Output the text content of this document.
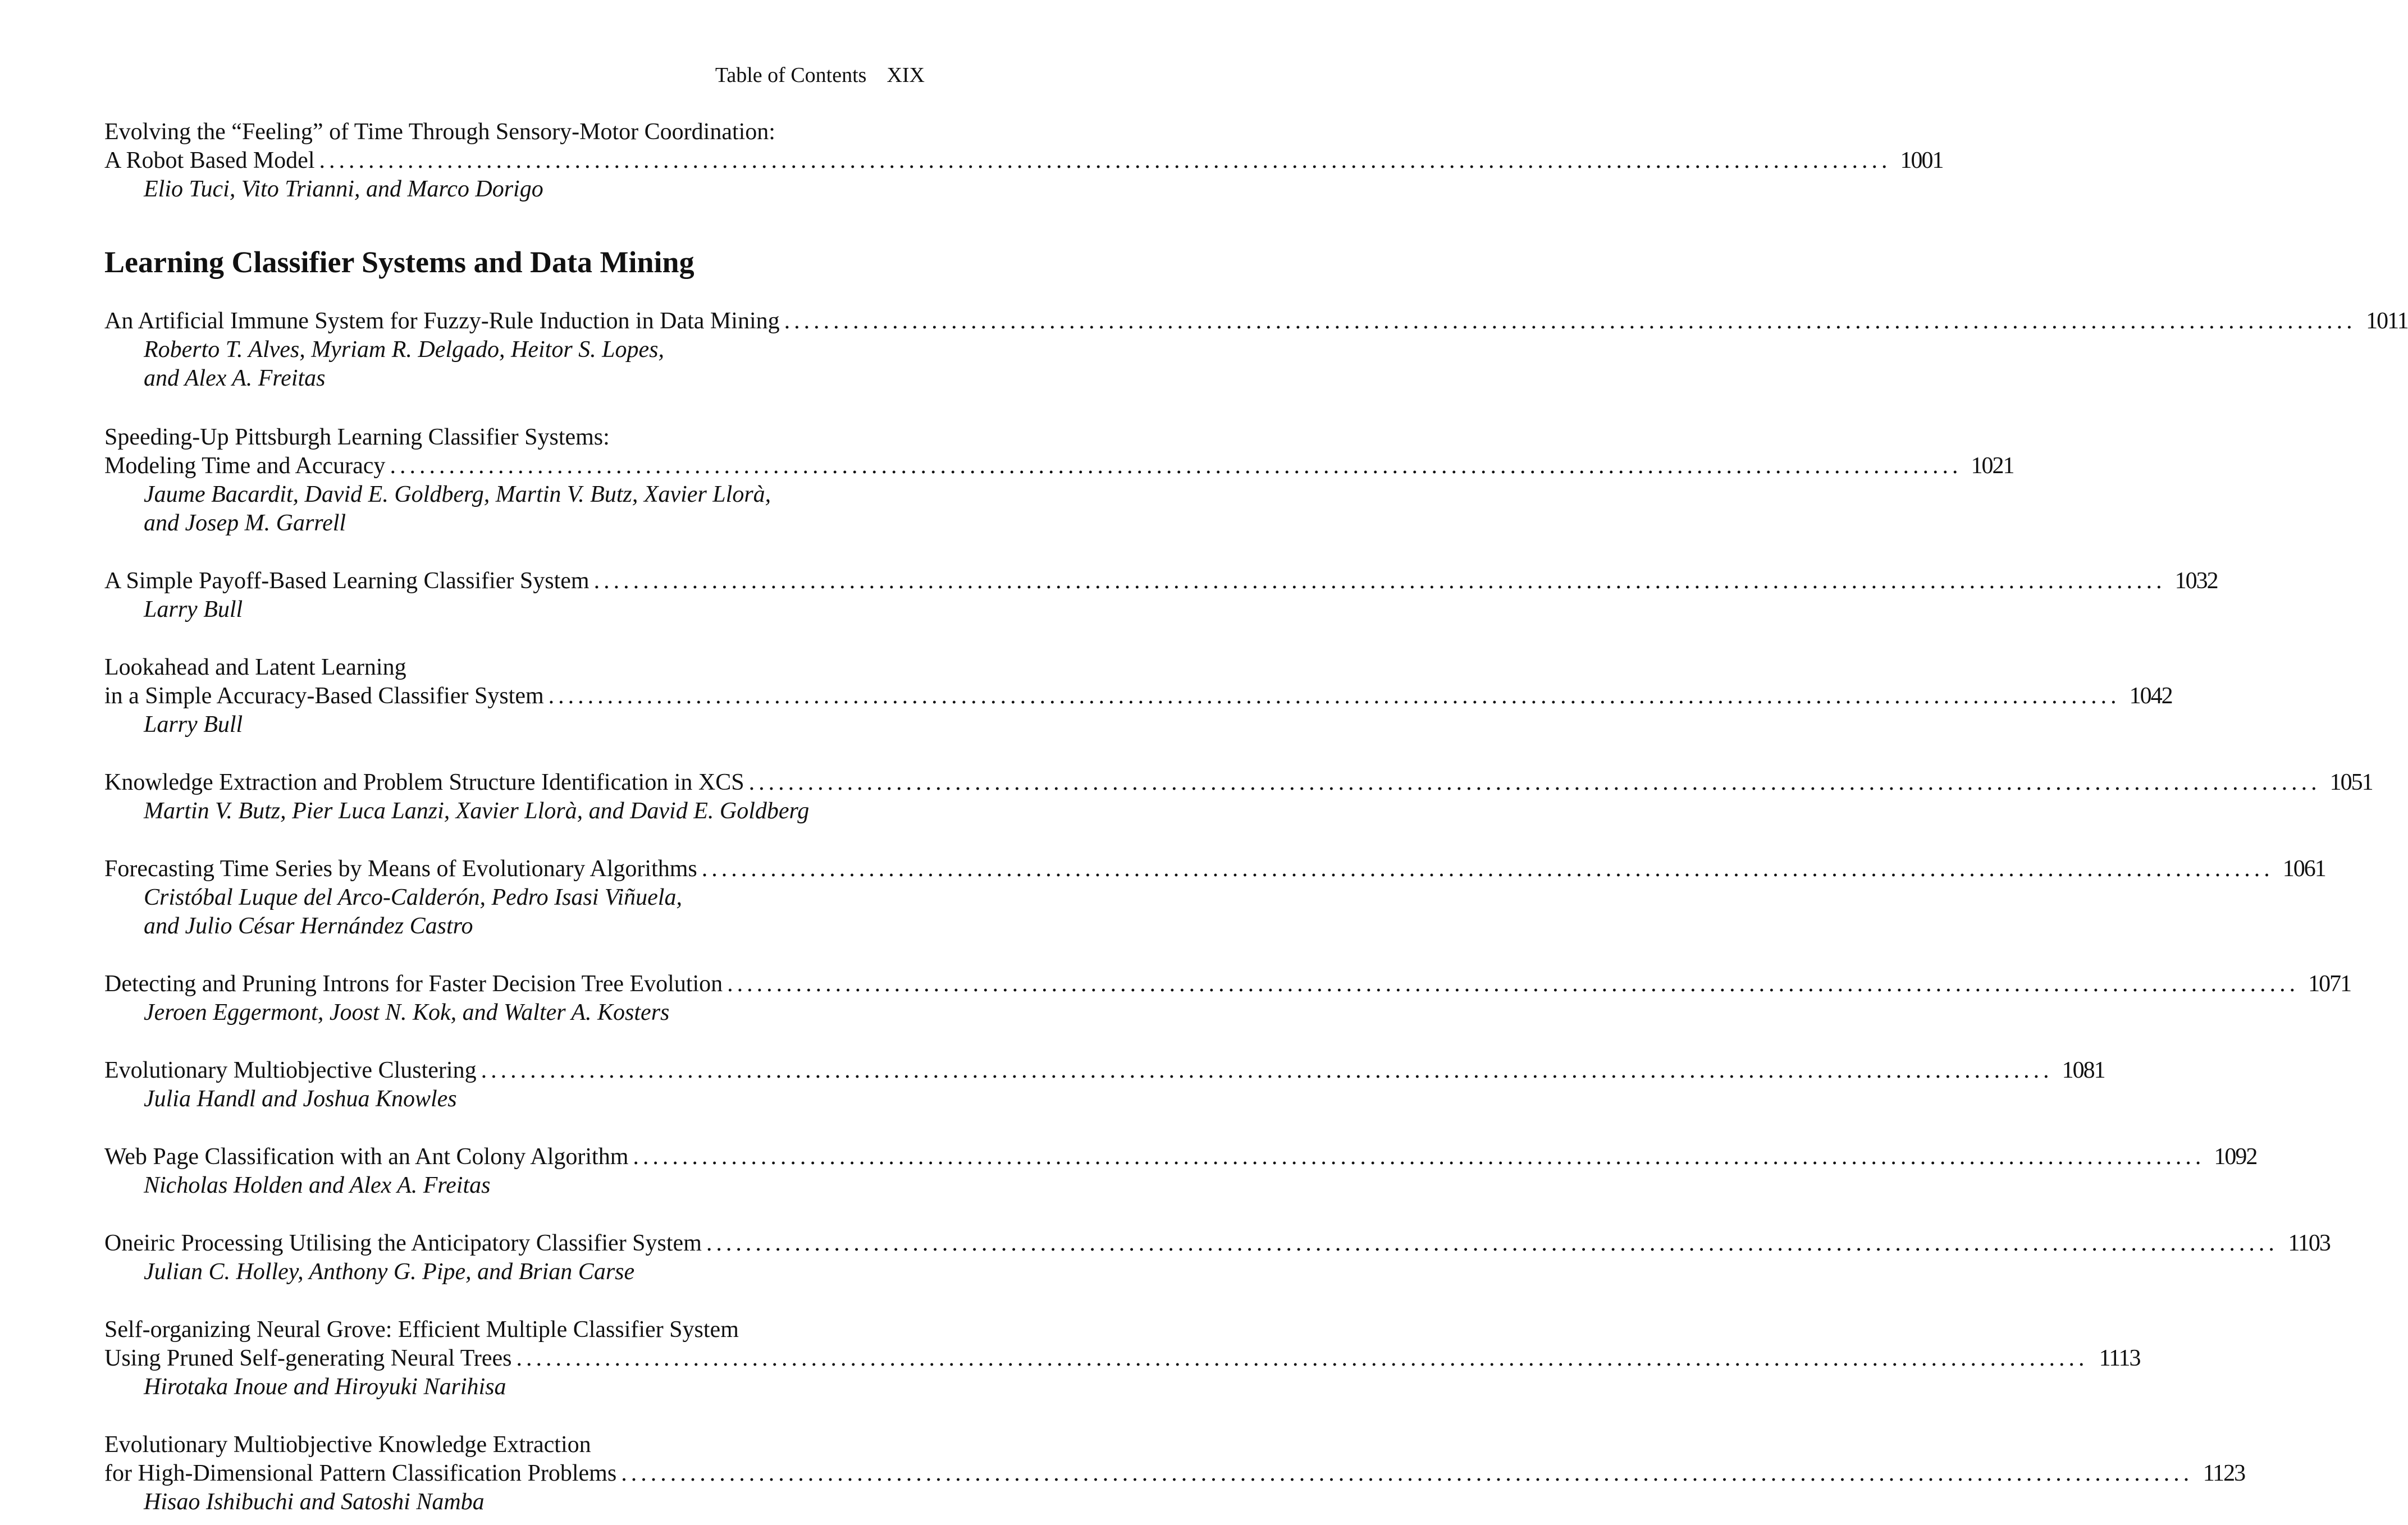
Table of Contents XIX
Evolving the “Feeling” of Time Through Sensory-Motor Coordination:
A Robot Based Model ................................................................................................................................................................ 1001
Elio Tuci, Vito Trianni, and Marco Dorigo
Learning Classifier Systems and Data Mining
An Artificial Immune System for Fuzzy-Rule Induction in Data Mining ................................................................................................................................................................ 1011
Roberto T. Alves, Myriam R. Delgado, Heitor S. Lopes,
and Alex A. Freitas
Speeding-Up Pittsburgh Learning Classifier Systems:
Modeling Time and Accuracy ................................................................................................................................................................ 1021
Jaume Bacardit, David E. Goldberg, Martin V. Butz, Xavier Llorà,
and Josep M. Garrell
A Simple Payoff-Based Learning Classifier System ................................................................................................................................................................ 1032
Larry Bull
Lookahead and Latent Learning
in a Simple Accuracy-Based Classifier System ................................................................................................................................................................ 1042
Larry Bull
Knowledge Extraction and Problem Structure Identification in XCS ................................................................................................................................................................ 1051
Martin V. Butz, Pier Luca Lanzi, Xavier Llorà, and David E. Goldberg
Forecasting Time Series by Means of Evolutionary Algorithms ................................................................................................................................................................ 1061
Cristóbal Luque del Arco-Calderón, Pedro Isasi Viñuela,
and Julio César Hernández Castro
Detecting and Pruning Introns for Faster Decision Tree Evolution ................................................................................................................................................................ 1071
Jeroen Eggermont, Joost N. Kok, and Walter A. Kosters
Evolutionary Multiobjective Clustering ................................................................................................................................................................ 1081
Julia Handl and Joshua Knowles
Web Page Classification with an Ant Colony Algorithm ................................................................................................................................................................ 1092
Nicholas Holden and Alex A. Freitas
Oneiric Processing Utilising the Anticipatory Classifier System ................................................................................................................................................................ 1103
Julian C. Holley, Anthony G. Pipe, and Brian Carse
Self-organizing Neural Grove: Efficient Multiple Classifier System
Using Pruned Self-generating Neural Trees ................................................................................................................................................................ 1113
Hirotaka Inoue and Hiroyuki Narihisa
Evolutionary Multiobjective Knowledge Extraction
for High-Dimensional Pattern Classification Problems ................................................................................................................................................................ 1123
Hisao Ishibuchi and Satoshi Namba
